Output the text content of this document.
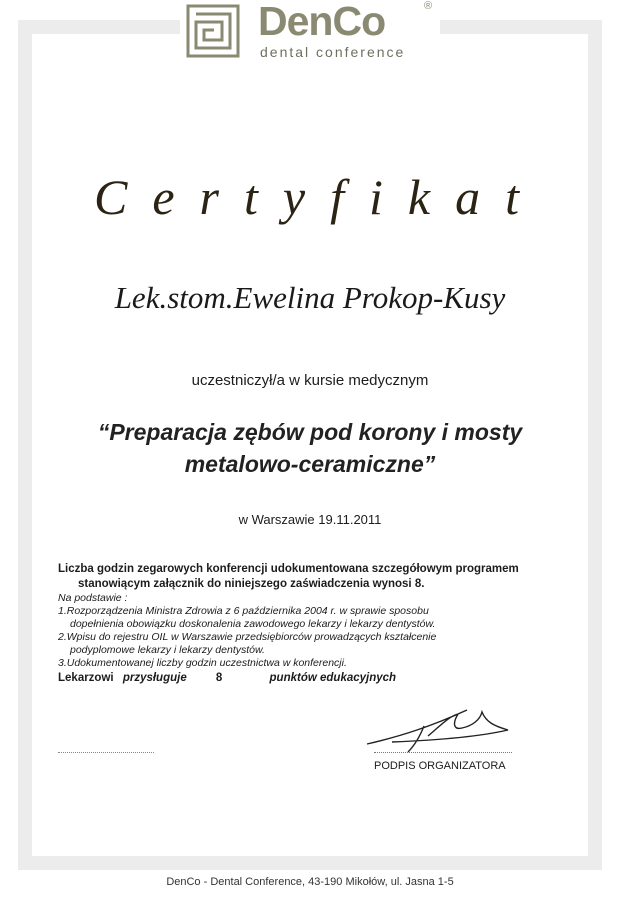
DenCo	®
dental conference
Certyfikat
Lek.stom.Ewelina Prokop-Kusy
uczestniczył/a w kursie medycznym
“Preparacja zębów pod korony i mosty
metalowo-ceramiczne”
w Warszawie 19.11.2011
Liczba godzin zegarowych konferencji udokumentowana szczegółowym programem
stanowiącym załącznik do niniejszego zaświadczenia wynosi 8.
Na podstawie :
1.Rozporządzenia Ministra Zdrowia z 6 października 2004 r. w sprawie sposobu
dopełnienia obowiązku doskonalenia zawodowego lekarzy i lekarzy dentystów.
2.Wpisu do rejestru OIL w Warszawie przedsiębiorców prowadzących kształcenie
podyplomowe lekarzy i lekarzy dentystów.
3.Udokumentowanej liczby godzin uczestnictwa w konferencji.
Lekarzowi przysługuje	8	punktów edukacyjnych
PODPIS ORGANIZATORA
DenCo - Dental Conference, 43-190 Mikołów, ul. Jasna 1-5
